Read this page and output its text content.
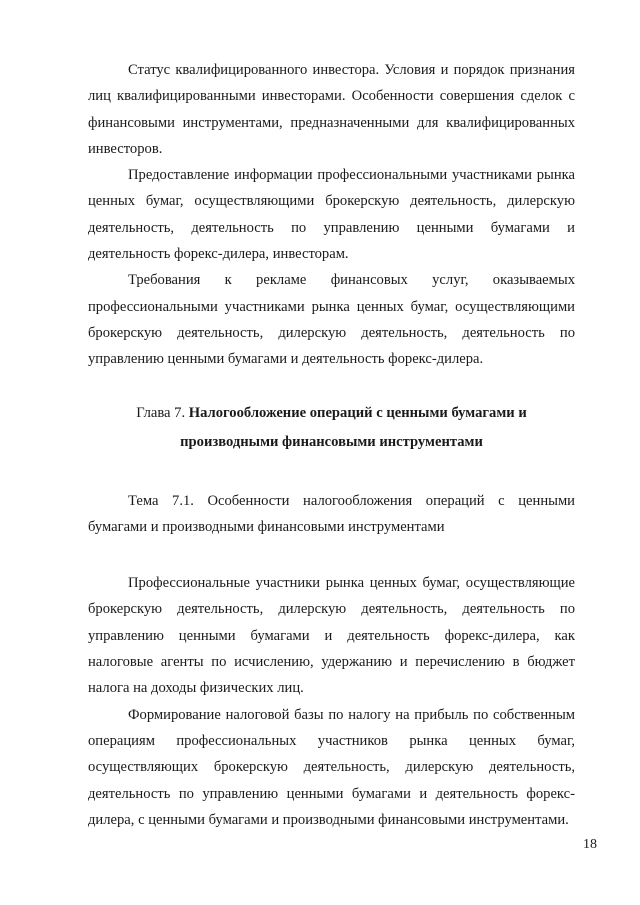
Статус квалифицированного инвестора. Условия и порядок признания лиц квалифицированными инвесторами. Особенности совершения сделок с финансовыми инструментами, предназначенными для квалифицированных инвесторов.

Предоставление информации профессиональными участниками рынка ценных бумаг, осуществляющими брокерскую деятельность, дилерскую деятельность, деятельность по управлению ценными бумагами и деятельность форекс-дилера, инвесторам.

Требования к рекламе финансовых услуг, оказываемых профессиональными участниками рынка ценных бумаг, осуществляющими брокерскую деятельность, дилерскую деятельность, деятельность по управлению ценными бумагами и деятельность форекс-дилера.

Глава 7. Налогообложение операций с ценными бумагами и
производными финансовыми инструментами

Тема 7.1. Особенности налогообложения операций с ценными бумагами и производными финансовыми инструментами

Профессиональные участники рынка ценных бумаг, осуществляющие брокерскую деятельность, дилерскую деятельность, деятельность по управлению ценными бумагами и деятельность форекс-дилера, как налоговые агенты по исчислению, удержанию и перечислению в бюджет налога на доходы физических лиц.

Формирование налоговой базы по налогу на прибыль по собственным операциям профессиональных участников рынка ценных бумаг, осуществляющих брокерскую деятельность, дилерскую деятельность, деятельность по управлению ценными бумагами и деятельность форекс-дилера, с ценными бумагами и производными финансовыми инструментами.

18
